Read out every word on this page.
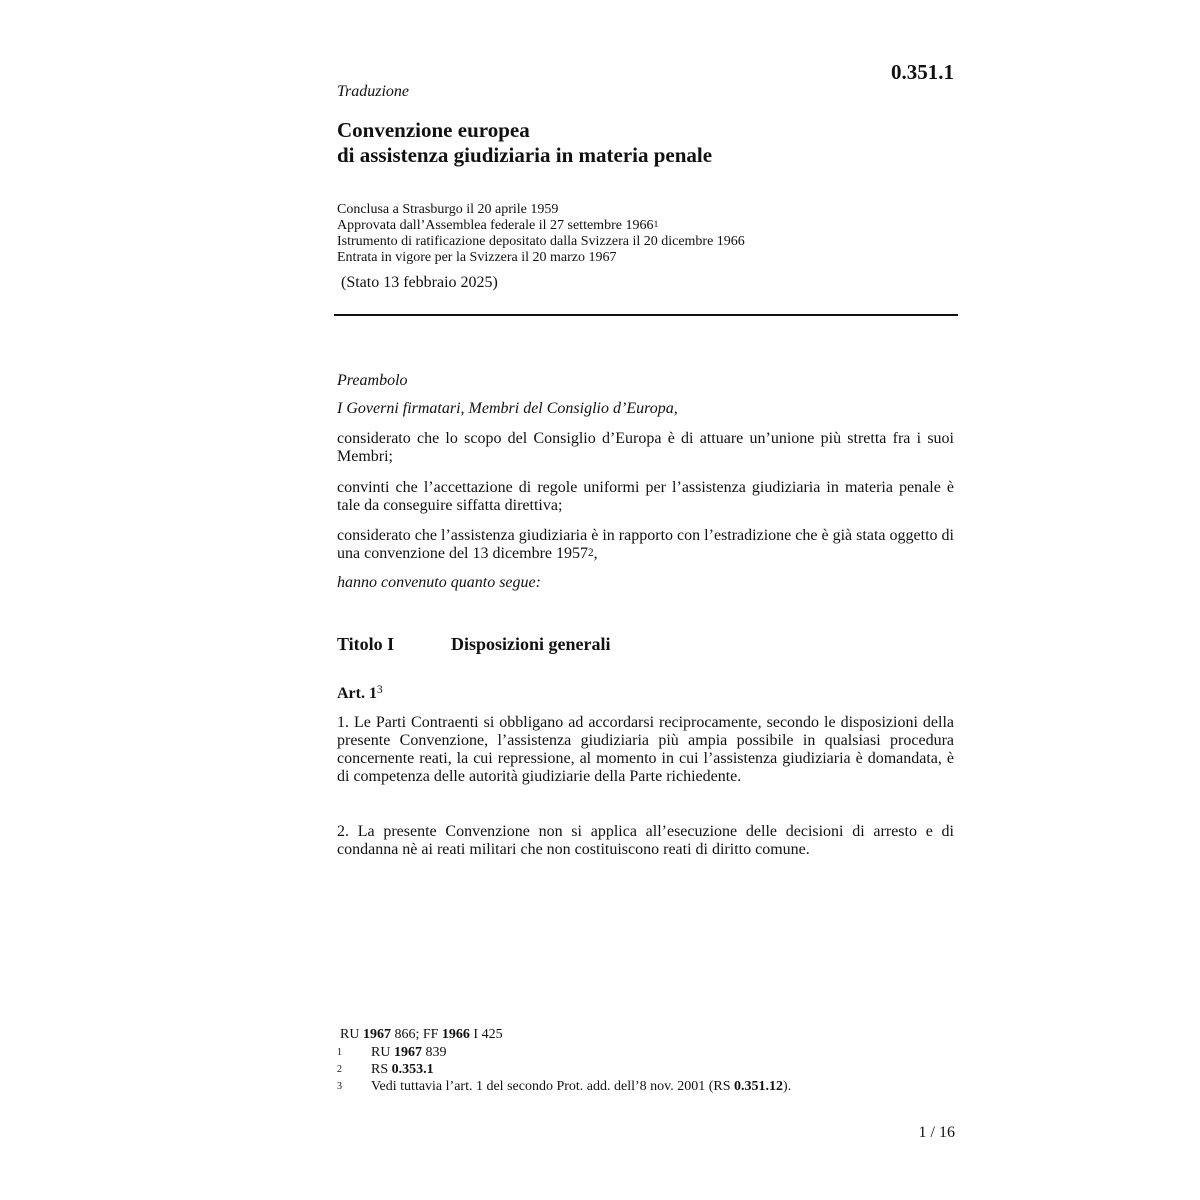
0.351.1
Traduzione
Convenzione europea
di assistenza giudiziaria in materia penale
Conclusa a Strasburgo il 20 aprile 1959
Approvata dall’Assemblea federale il 27 settembre 1966$^1$
Istrumento di ratificazione depositato dalla Svizzera il 20 dicembre 1966
Entrata in vigore per la Svizzera il 20 marzo 1967
(Stato 13 febbraio 2025)

Preambolo

I Governi firmatari, Membri del Consiglio d’Europa,

considerato che lo scopo del Consiglio d’Europa è di attuare un’unione più stretta fra i suoi Membri;

convinti che l’accettazione di regole uniformi per l’assistenza giudiziaria in materia penale è tale da conseguire siffatta direttiva;

considerato che l’assistenza giudiziaria è in rapporto con l’estradizione che è già stata oggetto di una convenzione del 13 dicembre 1957$^2$,

hanno convenuto quanto segue:

Titolo I	Disposizioni generali
Art. $1^3$

1. Le Parti Contraenti si obbligano ad accordarsi reciprocamente, secondo le disposizioni della presente Convenzione, l’assistenza giudiziaria più ampia possibile in qualsiasi procedura concernente reati, la cui repressione, al momento in cui l’assistenza giudiziaria è domandata, è di competenza delle autorità giudiziarie della Parte richiedente.

2. La presente Convenzione non si applica all’esecuzione delle decisioni di arresto e di condanna nè ai reati militari che non costituiscono reati di diritto comune.

RU 1967 866; FF 1966 I 425
1 RU 1967 839
2 RS 0.353.1
3 Vedi tuttavia l’art. 1 del secondo Prot. add. dell’8 nov. 2001 (RS 0.351.12).
1 / 16
